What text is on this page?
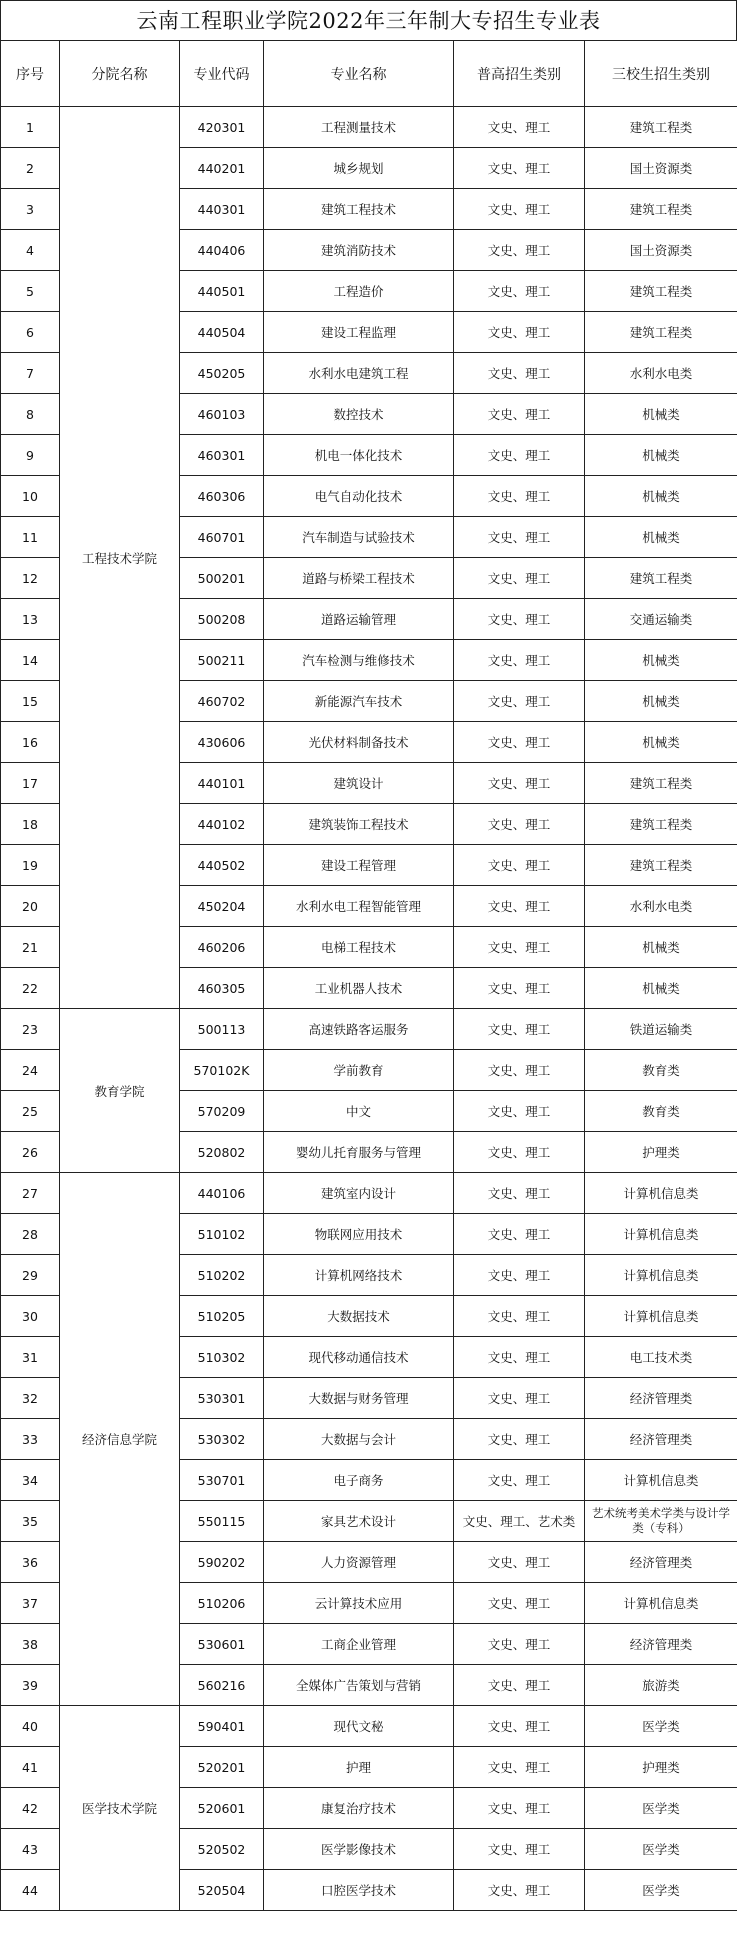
云南工程职业学院2022年三年制大专招生专业表
序号	分院名称	专业代码	专业名称	普高招生类别	三校生招生类别
1	工程技术学院	420301	工程测量技术	文史、理工	建筑工程类
2		440201	城乡规划	文史、理工	国土资源类
3		440301	建筑工程技术	文史、理工	建筑工程类
4		440406	建筑消防技术	文史、理工	国土资源类
5		440501	工程造价	文史、理工	建筑工程类
6		440504	建设工程监理	文史、理工	建筑工程类
7		450205	水利水电建筑工程	文史、理工	水利水电类
8		460103	数控技术	文史、理工	机械类
9		460301	机电一体化技术	文史、理工	机械类
10		460306	电气自动化技术	文史、理工	机械类
11		460701	汽车制造与试验技术	文史、理工	机械类
12		500201	道路与桥梁工程技术	文史、理工	建筑工程类
13		500208	道路运输管理	文史、理工	交通运输类
14		500211	汽车检测与维修技术	文史、理工	机械类
15		460702	新能源汽车技术	文史、理工	机械类
16		430606	光伏材料制备技术	文史、理工	机械类
17		440101	建筑设计	文史、理工	建筑工程类
18		440102	建筑装饰工程技术	文史、理工	建筑工程类
19		440502	建设工程管理	文史、理工	建筑工程类
20		450204	水利水电工程智能管理	文史、理工	水利水电类
21		460206	电梯工程技术	文史、理工	机械类
22		460305	工业机器人技术	文史、理工	机械类
23	教育学院	500113	高速铁路客运服务	文史、理工	铁道运输类
24		570102K	学前教育	文史、理工	教育类
25		570209	中文	文史、理工	教育类
26		520802	婴幼儿托育服务与管理	文史、理工	护理类
27	经济信息学院	440106	建筑室内设计	文史、理工	计算机信息类
28		510102	物联网应用技术	文史、理工	计算机信息类
29		510202	计算机网络技术	文史、理工	计算机信息类
30		510205	大数据技术	文史、理工	计算机信息类
31		510302	现代移动通信技术	文史、理工	电工技术类
32		530301	大数据与财务管理	文史、理工	经济管理类
33		530302	大数据与会计	文史、理工	经济管理类
34		530701	电子商务	文史、理工	计算机信息类
35		550115	家具艺术设计	文史、理工、艺术类	艺术统考美术学类与设计学类（专科）
36		590202	人力资源管理	文史、理工	经济管理类
37		510206	云计算技术应用	文史、理工	计算机信息类
38		530601	工商企业管理	文史、理工	经济管理类
39		560216	全媒体广告策划与营销	文史、理工	旅游类
40	医学技术学院	590401	现代文秘	文史、理工	医学类
41		520201	护理	文史、理工	护理类
42		520601	康复治疗技术	文史、理工	医学类
43		520502	医学影像技术	文史、理工	医学类
44		520504	口腔医学技术	文史、理工	医学类
